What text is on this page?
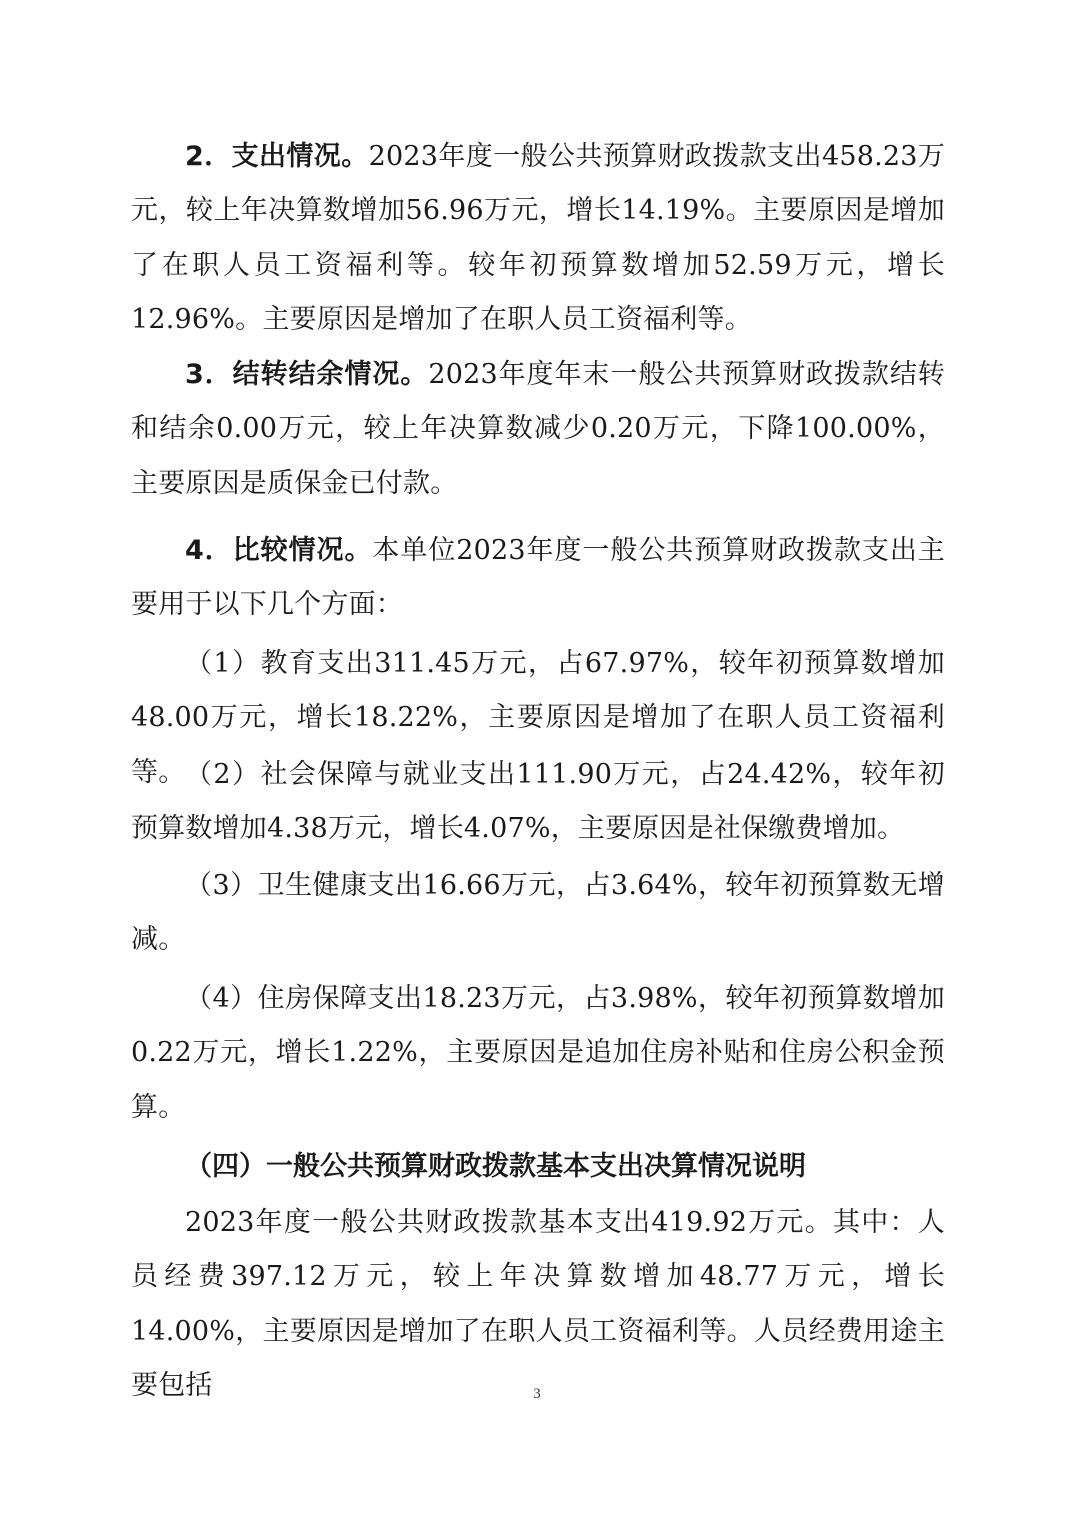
2．支出情况。2023年度一般公共预算财政拨款支出458.23万元，较上年决算数增加56.96万元，增长14.19%。主要原因是增加了在职人员工资福利等。较年初预算数增加52.59万元，增长12.96%。主要原因是增加了在职人员工资福利等。

3．结转结余情况。2023年度年末一般公共预算财政拨款结转和结余0.00万元，较上年决算数减少0.20万元，下降100.00%，主要原因是质保金已付款。

4．比较情况。本单位2023年度一般公共预算财政拨款支出主要用于以下几个方面：

（1）教育支出311.45万元，占67.97%，较年初预算数增加48.00万元，增长18.22%，主要原因是增加了在职人员工资福利等。 （2）社会保障与就业支出111.90万元，占24.42%，较年初预算数增加4.38万元，增长4.07%，主要原因是社保缴费增加。

（3）卫生健康支出16.66万元，占3.64%，较年初预算数无增减。

（4）住房保障支出18.23万元，占3.98%，较年初预算数增加0.22万元，增长1.22%，主要原因是追加住房补贴和住房公积金预算。

（四）一般公共预算财政拨款基本支出决算情况说明

2023年度一般公共财政拨款基本支出419.92万元。其中：人员经费397.12万元，较上年决算数增加48.77万元，增长14.00%，主要原因是增加了在职人员工资福利等。人员经费用途主要包括	3
